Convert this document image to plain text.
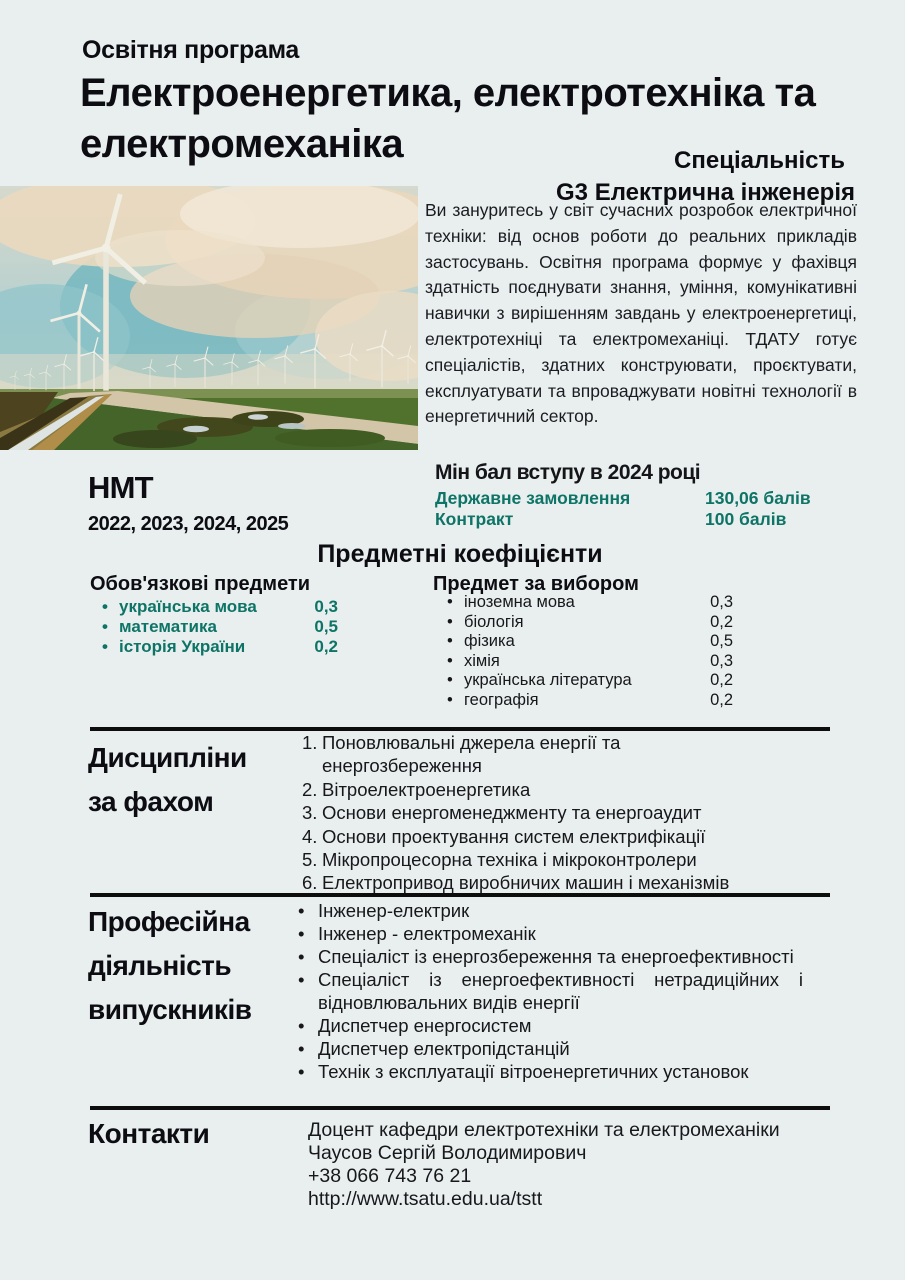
Освітня програма
Електроенергетика, електротехніка та електромеханіка	Спеціальність
G3 Електрична інженерія
Ви зануритесь у світ сучасних розробок електричної техніки: від основ роботи до реальних прикладів застосувань. Освітня програма формує у фахівця здатність поєднувати знання, уміння, комунікативні навички з вирішенням завдань у електроенергетиці, електротехніці та електромеханіці. ТДАТУ готує спеціалістів, здатних конструювати, проєктувати, експлуатувати та впроваджувати новітні технології в енергетичний сектор.
НМТ
2022, 2023, 2024, 2025
Мін бал вступу в 2024 році
Державне замовлення	130,06 балів
Контракт	100 балів
Предметні коефіцієнти
Обов'язкові предмети	Предмет за вибором
• українська мова	0,3
• математика	0,5
• історія України	0,2
• іноземна мова	0,3
• біологія	0,2
• фізика	0,5
• хімія	0,3
• українська література	0,2
• географія	0,2
Дисципліни
за фахом
Поновлювальні джерела енергії та енергозбереження
Вітроелектроенергетика
Основи енергоменеджменту та енергоаудит
Основи проектування систем електрифікації
Мікропроцесорна техніка і мікроконтролери
Електропривод виробничих машин і механізмів
Професійна
діяльність
випускників
• Інженер-електрик
• Інженер - електромеханік
• Спеціаліст із енергозбереження та енергоефективності
• Спеціаліст із енергоефективності нетрадиційних і відновлювальних видів енергії
• Диспетчер енергосистем
• Диспетчер електропідстанцій
• Технік з експлуатації вітроенергетичних установок
Контакти	Доцент кафедри електротехніки та електромеханіки
Чаусов Сергій Володимирович
+38 066 743 76 21
http://www.tsatu.edu.ua/tstt
